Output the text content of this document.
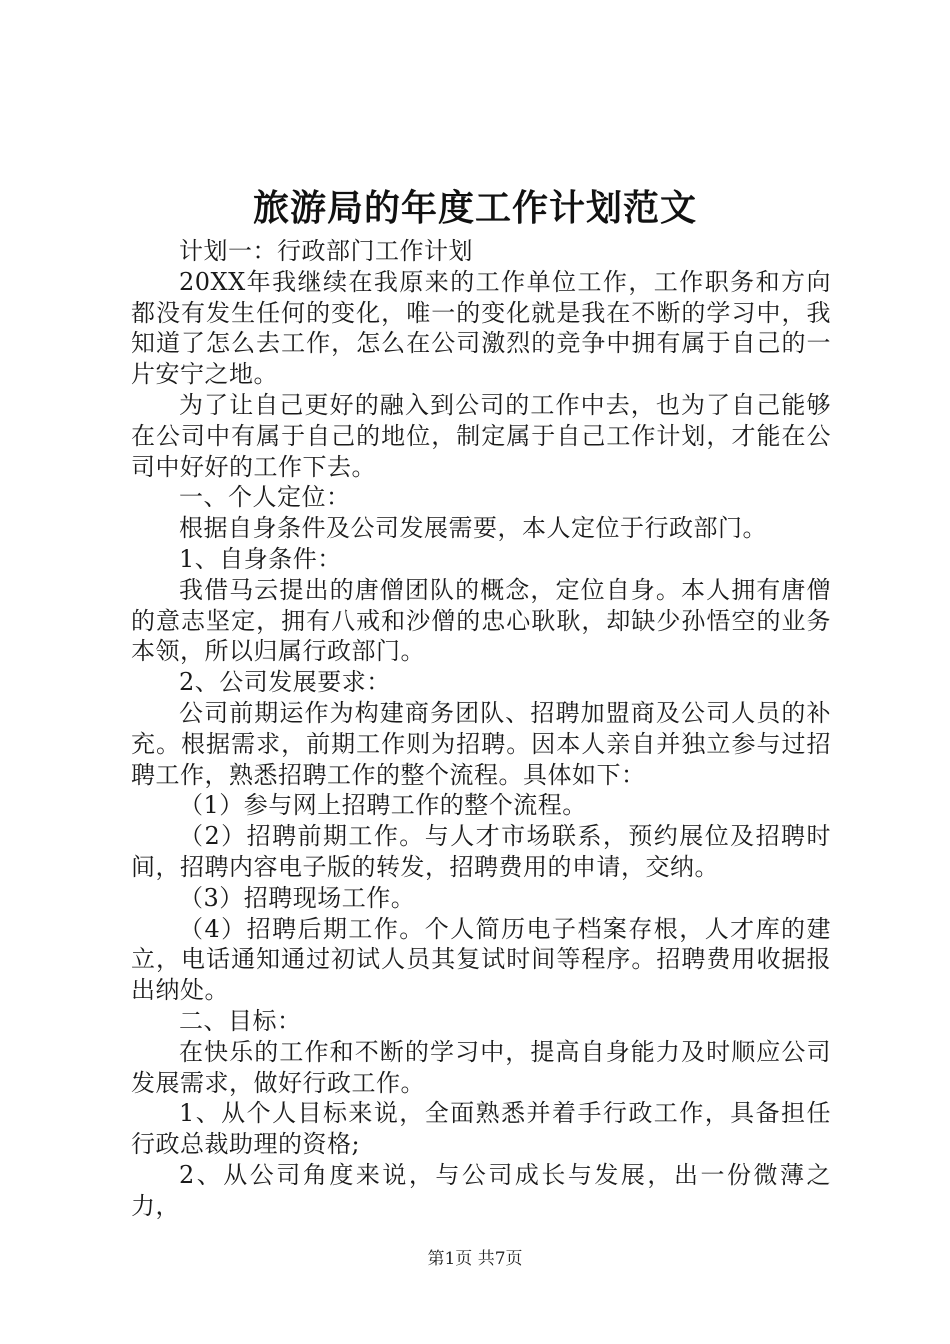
旅游局的年度工作计划范文

计划一：行政部门工作计划

20XX年我继续在我原来的工作单位工作，工作职务和方向都没有发生任何的变化，唯一的变化就是我在不断的学习中，我知道了怎么去工作，怎么在公司激烈的竞争中拥有属于自己的一片安宁之地。

为了让自己更好的融入到公司的工作中去，也为了自己能够在公司中有属于自己的地位，制定属于自己工作计划，才能在公司中好好的工作下去。

一、个人定位：

根据自身条件及公司发展需要，本人定位于行政部门。

1、自身条件：

我借马云提出的唐僧团队的概念，定位自身。本人拥有唐僧的意志坚定，拥有八戒和沙僧的忠心耿耿，却缺少孙悟空的业务本领，所以归属行政部门。

2、公司发展要求：

公司前期运作为构建商务团队、招聘加盟商及公司人员的补充。根据需求，前期工作则为招聘。因本人亲自并独立参与过招聘工作，熟悉招聘工作的整个流程。具体如下：

（1）参与网上招聘工作的整个流程。

（2）招聘前期工作。与人才市场联系，预约展位及招聘时间，招聘内容电子版的转发，招聘费用的申请，交纳。

（3）招聘现场工作。

（4）招聘后期工作。个人简历电子档案存根，人才库的建立，电话通知通过初试人员其复试时间等程序。招聘费用收据报出纳处。

二、目标：

在快乐的工作和不断的学习中，提高自身能力及时顺应公司发展需求，做好行政工作。

1、从个人目标来说，全面熟悉并着手行政工作，具备担任行政总裁助理的资格;

2、从公司角度来说，与公司成长与发展，出一份微薄之力，

第1页 共7页
